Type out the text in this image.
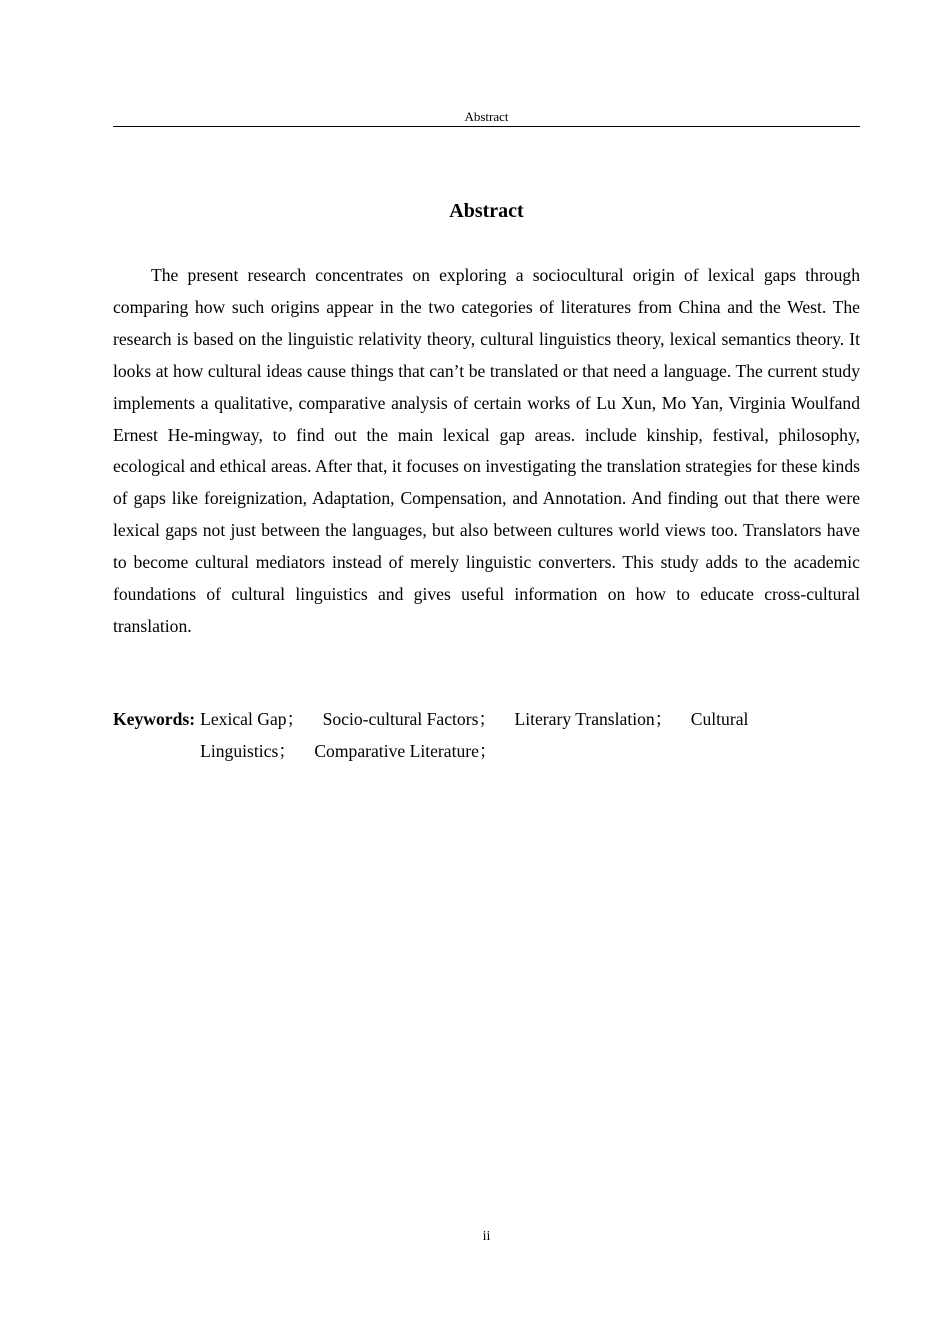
Abstract
Abstract

The present research concentrates on exploring a sociocultural origin of lexical gaps through comparing how such origins appear in the two categories of literatures from China and the West. The research is based on the linguistic relativity theory, cultural linguistics theory, lexical semantics theory. It looks at how cultural ideas cause things that can’t be translated or that need a language. The current study implements a qualitative, comparative analysis of certain works of Lu Xun, Mo Yan, Virginia Woulfand Ernest He-mingway, to find out the main lexical gap areas. include kinship, festival, philosophy, ecological and ethical areas. After that, it focuses on investigating the translation strategies for these kinds of gaps like foreignization, Adaptation, Compensation, and Annotation. And finding out that there were lexical gaps not just between the languages, but also between cultures world views too. Translators have to become cultural mediators instead of merely linguistic converters. This study adds to the academic foundations of cultural linguistics and gives useful information on how to educate cross-cultural translation.

Keywords: Lexical Gap； Socio-cultural Factors； Literary Translation； Cultural Linguistics； Comparative Literature；
ii
